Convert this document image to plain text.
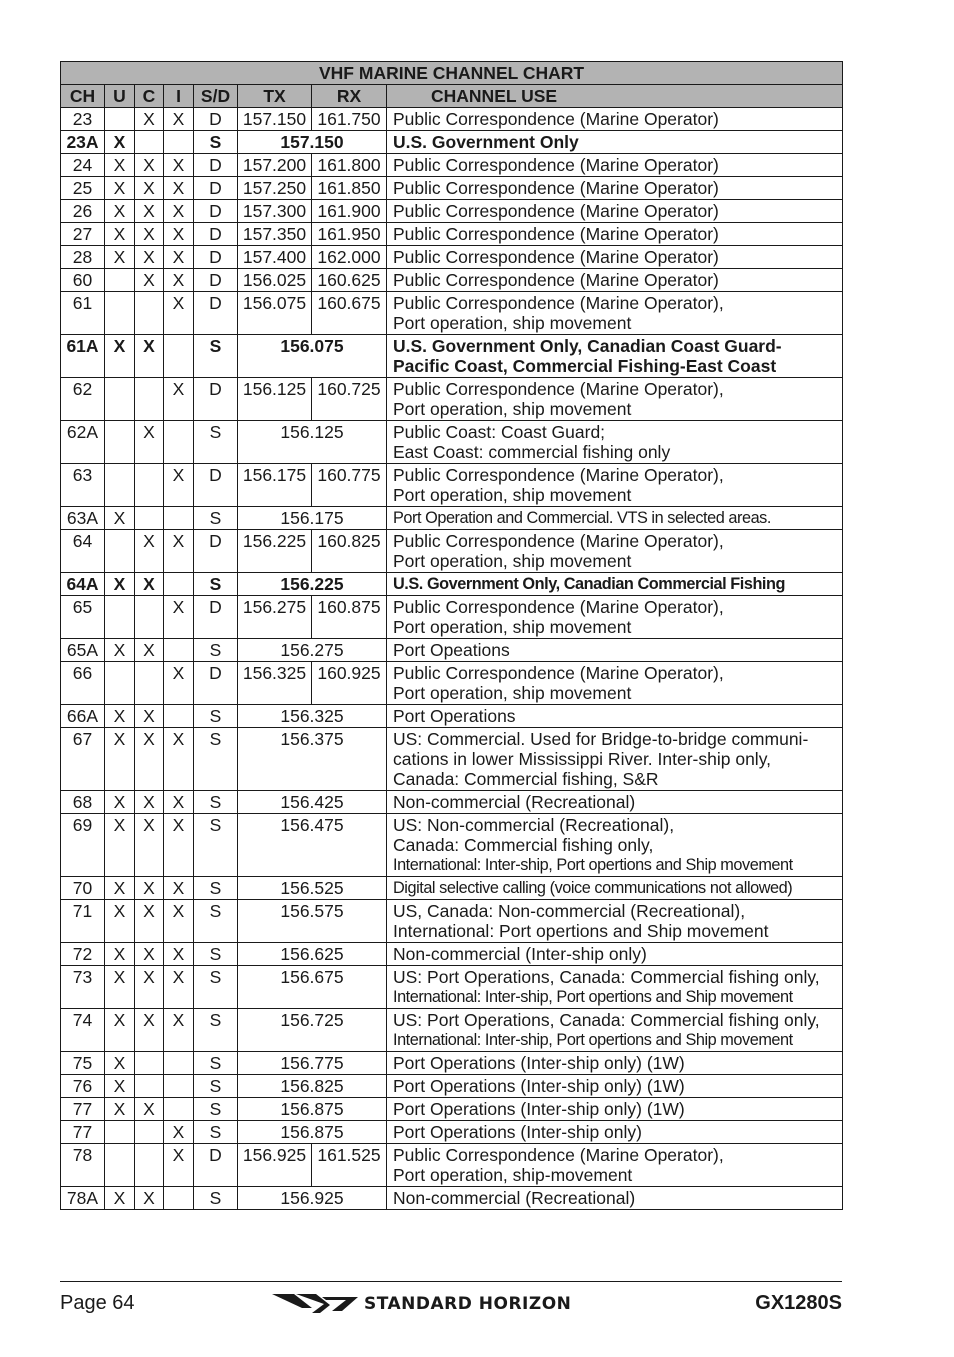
VHF MARINE CHANNEL CHART							
CH	U	C	I	S/D	TX	RX	CHANNEL USE
23		X	X	D	157.150	161.750	Public Correspondence (Marine Operator)

23A	X			S	157.150		U.S. Government Only

24	X	X	X	D	157.200	161.800	Public Correspondence (Marine Operator)

25	X	X	X	D	157.250	161.850	Public Correspondence (Marine Operator)

26	X	X	X	D	157.300	161.900	Public Correspondence (Marine Operator)

27	X	X	X	D	157.350	161.950	Public Correspondence (Marine Operator)

28	X	X	X	D	157.400	162.000	Public Correspondence (Marine Operator)

60		X	X	D	156.025	160.625	Public Correspondence (Marine Operator)

61			X	D	156.075	160.675	Public Correspondence (Marine Operator),
Port operation, ship movement

61A	X	X		S	156.075		U.S. Government Only, Canadian Coast Guard-
Pacific Coast, Commercial Fishing-East Coast

62			X	D	156.125	160.725	Public Correspondence (Marine Operator),
Port operation, ship movement

62A		X		S	156.125		Public Coast: Coast Guard;
East Coast: commercial fishing only

63			X	D	156.175	160.775	Public Correspondence (Marine Operator),
Port operation, ship movement

63A	X			S	156.175		Port Operation and Commercial. VTS in selected areas.

64		X	X	D	156.225	160.825	Public Correspondence (Marine Operator),
Port operation, ship movement

64A	X	X		S	156.225		U.S. Government Only, Canadian Commercial Fishing

65			X	D	156.275	160.875	Public Correspondence (Marine Operator),
Port operation, ship movement

65A	X	X		S	156.275		Port Opeations

66			X	D	156.325	160.925	Public Correspondence (Marine Operator),
Port operation, ship movement

66A	X	X		S	156.325		Port Operations

67	X	X	X	S	156.375		US: Commercial. Used for Bridge-to-bridge communi-
cations in lower Mississippi River. Inter-ship only,
Canada: Commercial fishing, S&R

68	X	X	X	S	156.425		Non-commercial (Recreational)

69	X	X	X	S	156.475		US: Non-commercial (Recreational),
Canada: Commercial fishing only,
International: Inter-ship, Port opertions and Ship movement

70	X	X	X	S	156.525		Digital selective calling (voice communications not allowed)

71	X	X	X	S	156.575		US, Canada: Non-commercial (Recreational),
International: Port opertions and Ship movement

72	X	X	X	S	156.625		Non-commercial (Inter-ship only)

73	X	X	X	S	156.675		US: Port Operations, Canada: Commercial fishing only,
International: Inter-ship, Port opertions and Ship movement

74	X	X	X	S	156.725		US: Port Operations, Canada: Commercial fishing only,
International: Inter-ship, Port opertions and Ship movement

75	X			S	156.775		Port Operations (Inter-ship only) (1W)

76	X			S	156.825		Port Operations (Inter-ship only) (1W)

77	X	X		S	156.875		Port Operations (Inter-ship only) (1W)

77			X	S	156.875		Port Operations (Inter-ship only)

78			X	D	156.925	161.525	Public Correspondence (Marine Operator),
Port operation, ship-movement

78A	X	X		S	156.925		Non-commercial (Recreational)
Page 64	STANDARD HORIZON	GX1280S
